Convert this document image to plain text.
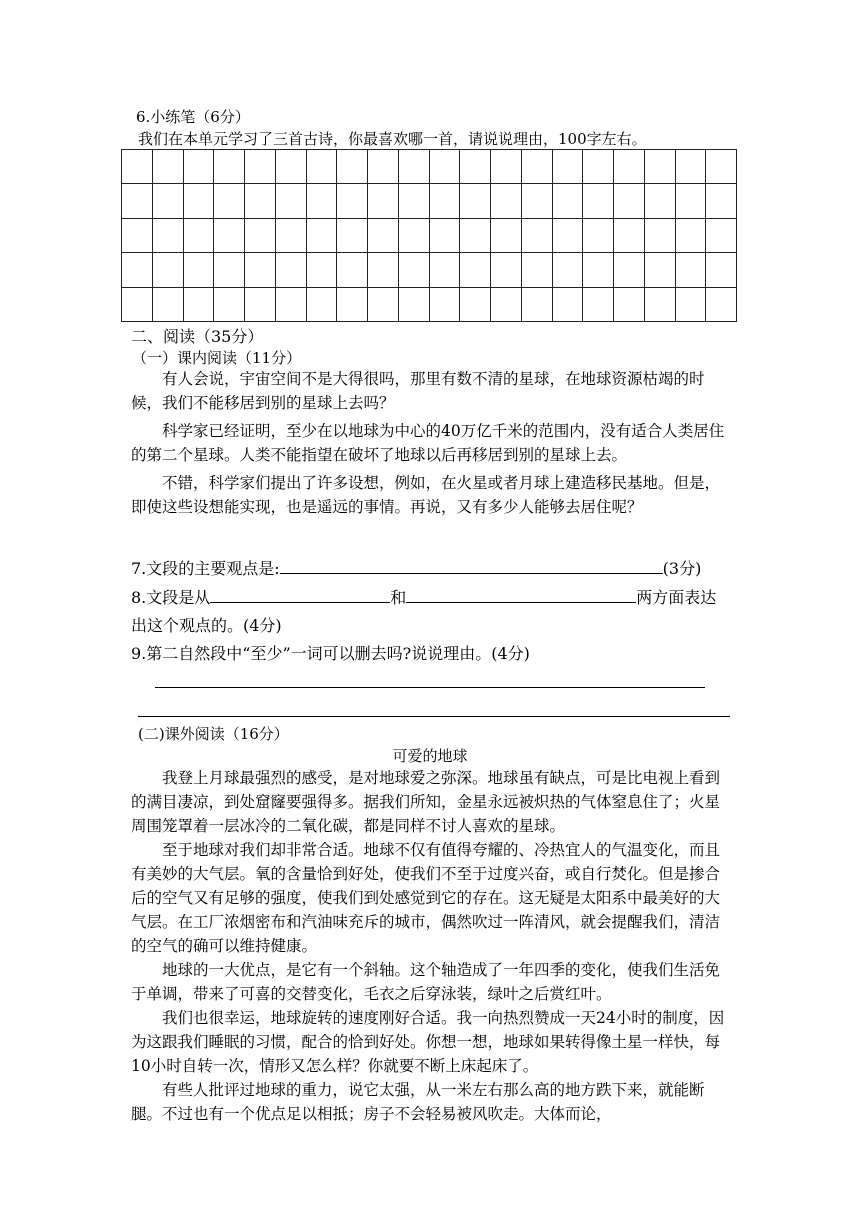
6.小练笔（6分）
我们在本单元学习了三首古诗，你最喜欢哪一首，请说说理由，100字左右。

二、阅读（35分）
（一）课内阅读（11分）

有人会说，宇宙空间不是大得很吗，那里有数不清的星球，在地球资源枯竭的时候，我们不能移居到别的星球上去吗？

科学家已经证明，至少在以地球为中心的40万亿千米的范围内，没有适合人类居住的第二个星球。人类不能指望在破坏了地球以后再移居到别的星球上去。

不错，科学家们提出了许多设想，例如，在火星或者月球上建造移民基地。但是，即使这些设想能实现，也是遥远的事情。再说，又有多少人能够去居住呢？

7.文段的主要观点是:	(3分)
8.文段是从	和	两方面表达
出这个观点的。(4分)
9.第二自然段中“至少”一词可以删去吗?说说理由。(4分)
(二)课外阅读（16分）
可爱的地球

我登上月球最强烈的感受，是对地球爱之弥深。地球虽有缺点，可是比电视上看到的满目凄凉，到处窟窿要强得多。据我们所知，金星永远被炽热的气体窒息住了；火星周围笼罩着一层冰冷的二氧化碳，都是同样不讨人喜欢的星球。

至于地球对我们却非常合适。地球不仅有值得夸耀的、冷热宜人的气温变化，而且有美妙的大气层。氧的含量恰到好处，使我们不至于过度兴奋，或自行焚化。但是掺合后的空气又有足够的强度，使我们到处感觉到它的存在。这无疑是太阳系中最美好的大气层。在工厂浓烟密布和汽油味充斥的城市，偶然吹过一阵清风，就会提醒我们，清洁的空气的确可以维持健康。

地球的一大优点，是它有一个斜轴。这个轴造成了一年四季的变化，使我们生活免于单调，带来了可喜的交替变化，毛衣之后穿泳装，绿叶之后赏红叶。

我们也很幸运，地球旋转的速度刚好合适。我一向热烈赞成一天24小时的制度，因为这跟我们睡眠的习惯，配合的恰到好处。你想一想，地球如果转得像土星一样快，每10小时自转一次，情形又怎么样？你就要不断上床起床了。

有些人批评过地球的重力，说它太强，从一米左右那么高的地方跌下来，就能断腿。不过也有一个优点足以相抵；房子不会轻易被风吹走。大体而论，
